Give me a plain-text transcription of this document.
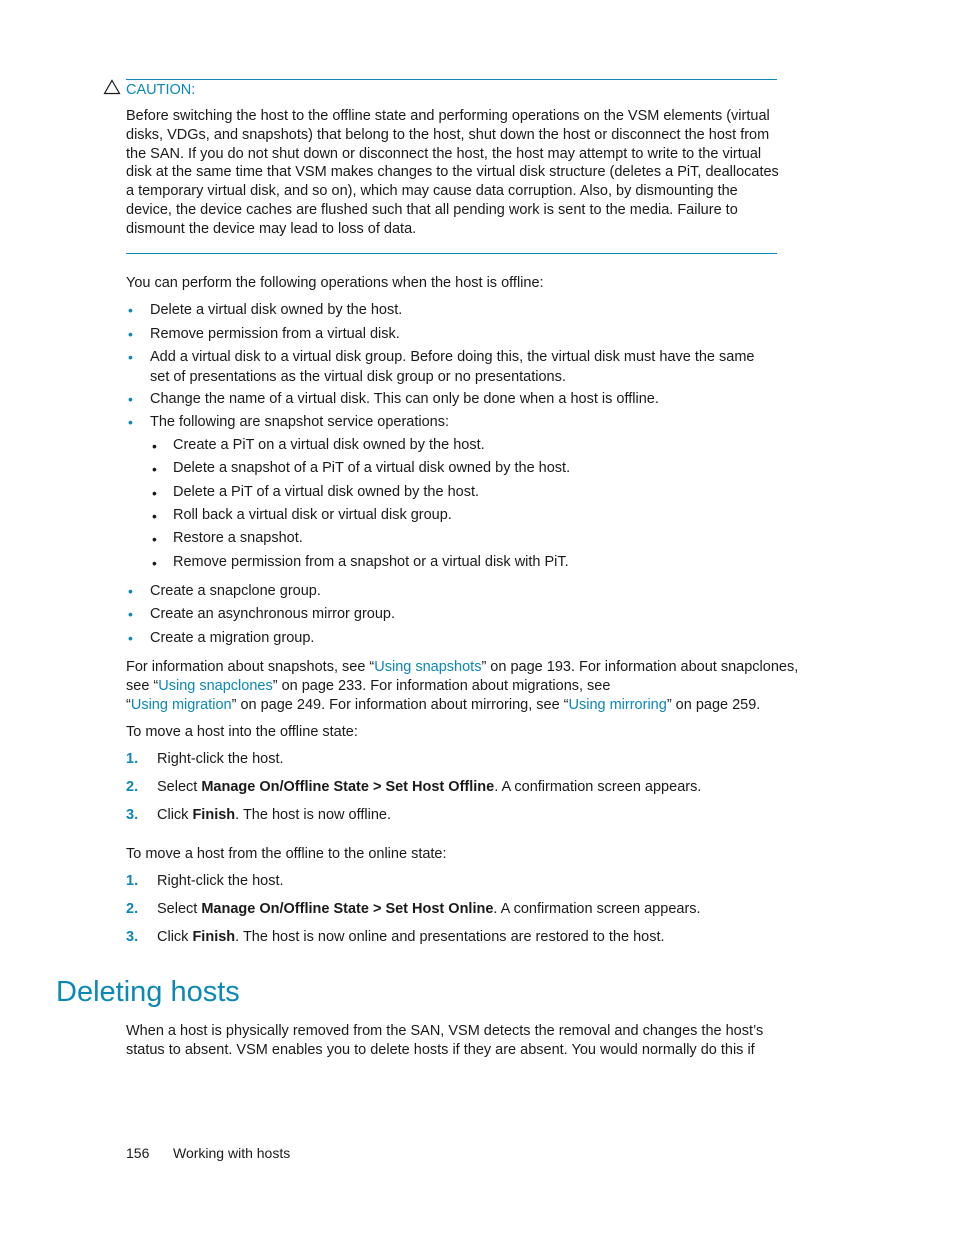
CAUTION:
Before switching the host to the offline state and performing operations on the VSM elements (virtual
disks, VDGs, and snapshots) that belong to the host, shut down the host or disconnect the host from
the SAN. If you do not shut down or disconnect the host, the host may attempt to write to the virtual
disk at the same time that VSM makes changes to the virtual disk structure (deletes a PiT, deallocates
a temporary virtual disk, and so on), which may cause data corruption. Also, by dismounting the
device, the device caches are flushed such that all pending work is sent to the media. Failure to
dismount the device may lead to loss of data.
You can perform the following operations when the host is offline:
• Delete a virtual disk owned by the host.
• Remove permission from a virtual disk.
• Add a virtual disk to a virtual disk group. Before doing this, the virtual disk must have the same
set of presentations as the virtual disk group or no presentations.
• Change the name of a virtual disk. This can only be done when a host is offline.
• The following are snapshot service operations:
• Create a PiT on a virtual disk owned by the host.
• Delete a snapshot of a PiT of a virtual disk owned by the host.
• Delete a PiT of a virtual disk owned by the host.
• Roll back a virtual disk or virtual disk group.
• Restore a snapshot.
• Remove permission from a snapshot or a virtual disk with PiT.
• Create a snapclone group.
• Create an asynchronous mirror group.
• Create a migration group.
For information about snapshots, see “Using snapshots” on page 193. For information about snapclones,
see “Using snapclones” on page 233. For information about migrations, see
“Using migration” on page 249. For information about mirroring, see “Using mirroring” on page 259.
To move a host into the offline state:
1. Right-click the host.
2. Select Manage On/Offline State > Set Host Offline. A confirmation screen appears.
3. Click Finish. The host is now offline.
To move a host from the offline to the online state:
1. Right-click the host.
2. Select Manage On/Offline State > Set Host Online. A confirmation screen appears.
3. Click Finish. The host is now online and presentations are restored to the host.
Deleting hosts
When a host is physically removed from the SAN, VSM detects the removal and changes the host’s
status to absent. VSM enables you to delete hosts if they are absent. You would normally do this if
156 Working with hosts
